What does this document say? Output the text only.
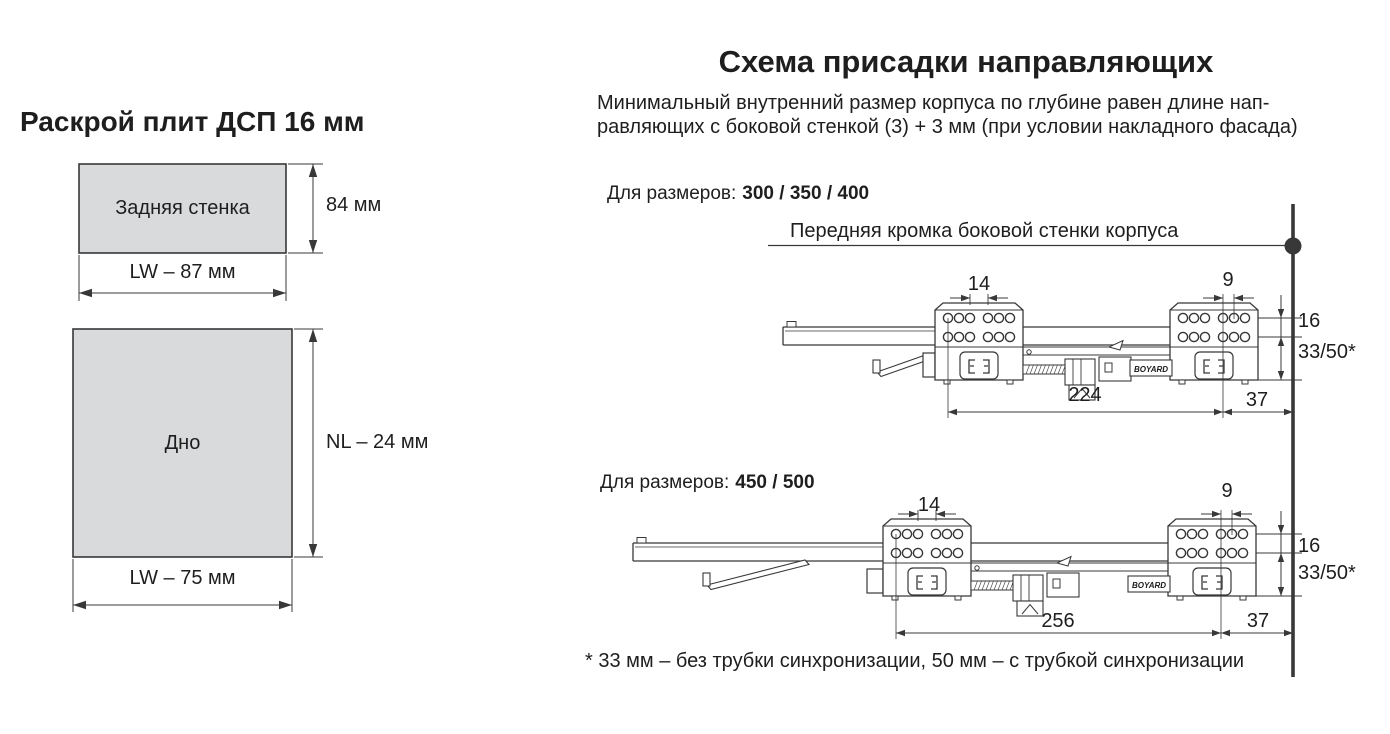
BOYARD
BOYARD
Раскрой плит ДСП 16 мм
Задняя стенка	84 мм
LW – 87 мм
Дно	NL – 24 мм
LW – 75 мм
Схема присадки направляющих
Минимальный внутренний размер корпуса по глубине равен длине нап-
равляющих с боковой стенкой (3) + 3 мм (при условии накладного фасада)
Для размеров: 300 / 350 / 400
Передняя кромка боковой стенки корпуса
14	9
16
33/50*
224	37
Для размеров: 450 / 500
14
9
16
33/50*
256	37
* 33 мм – без трубки синхронизации, 50 мм – с трубкой синхронизации
